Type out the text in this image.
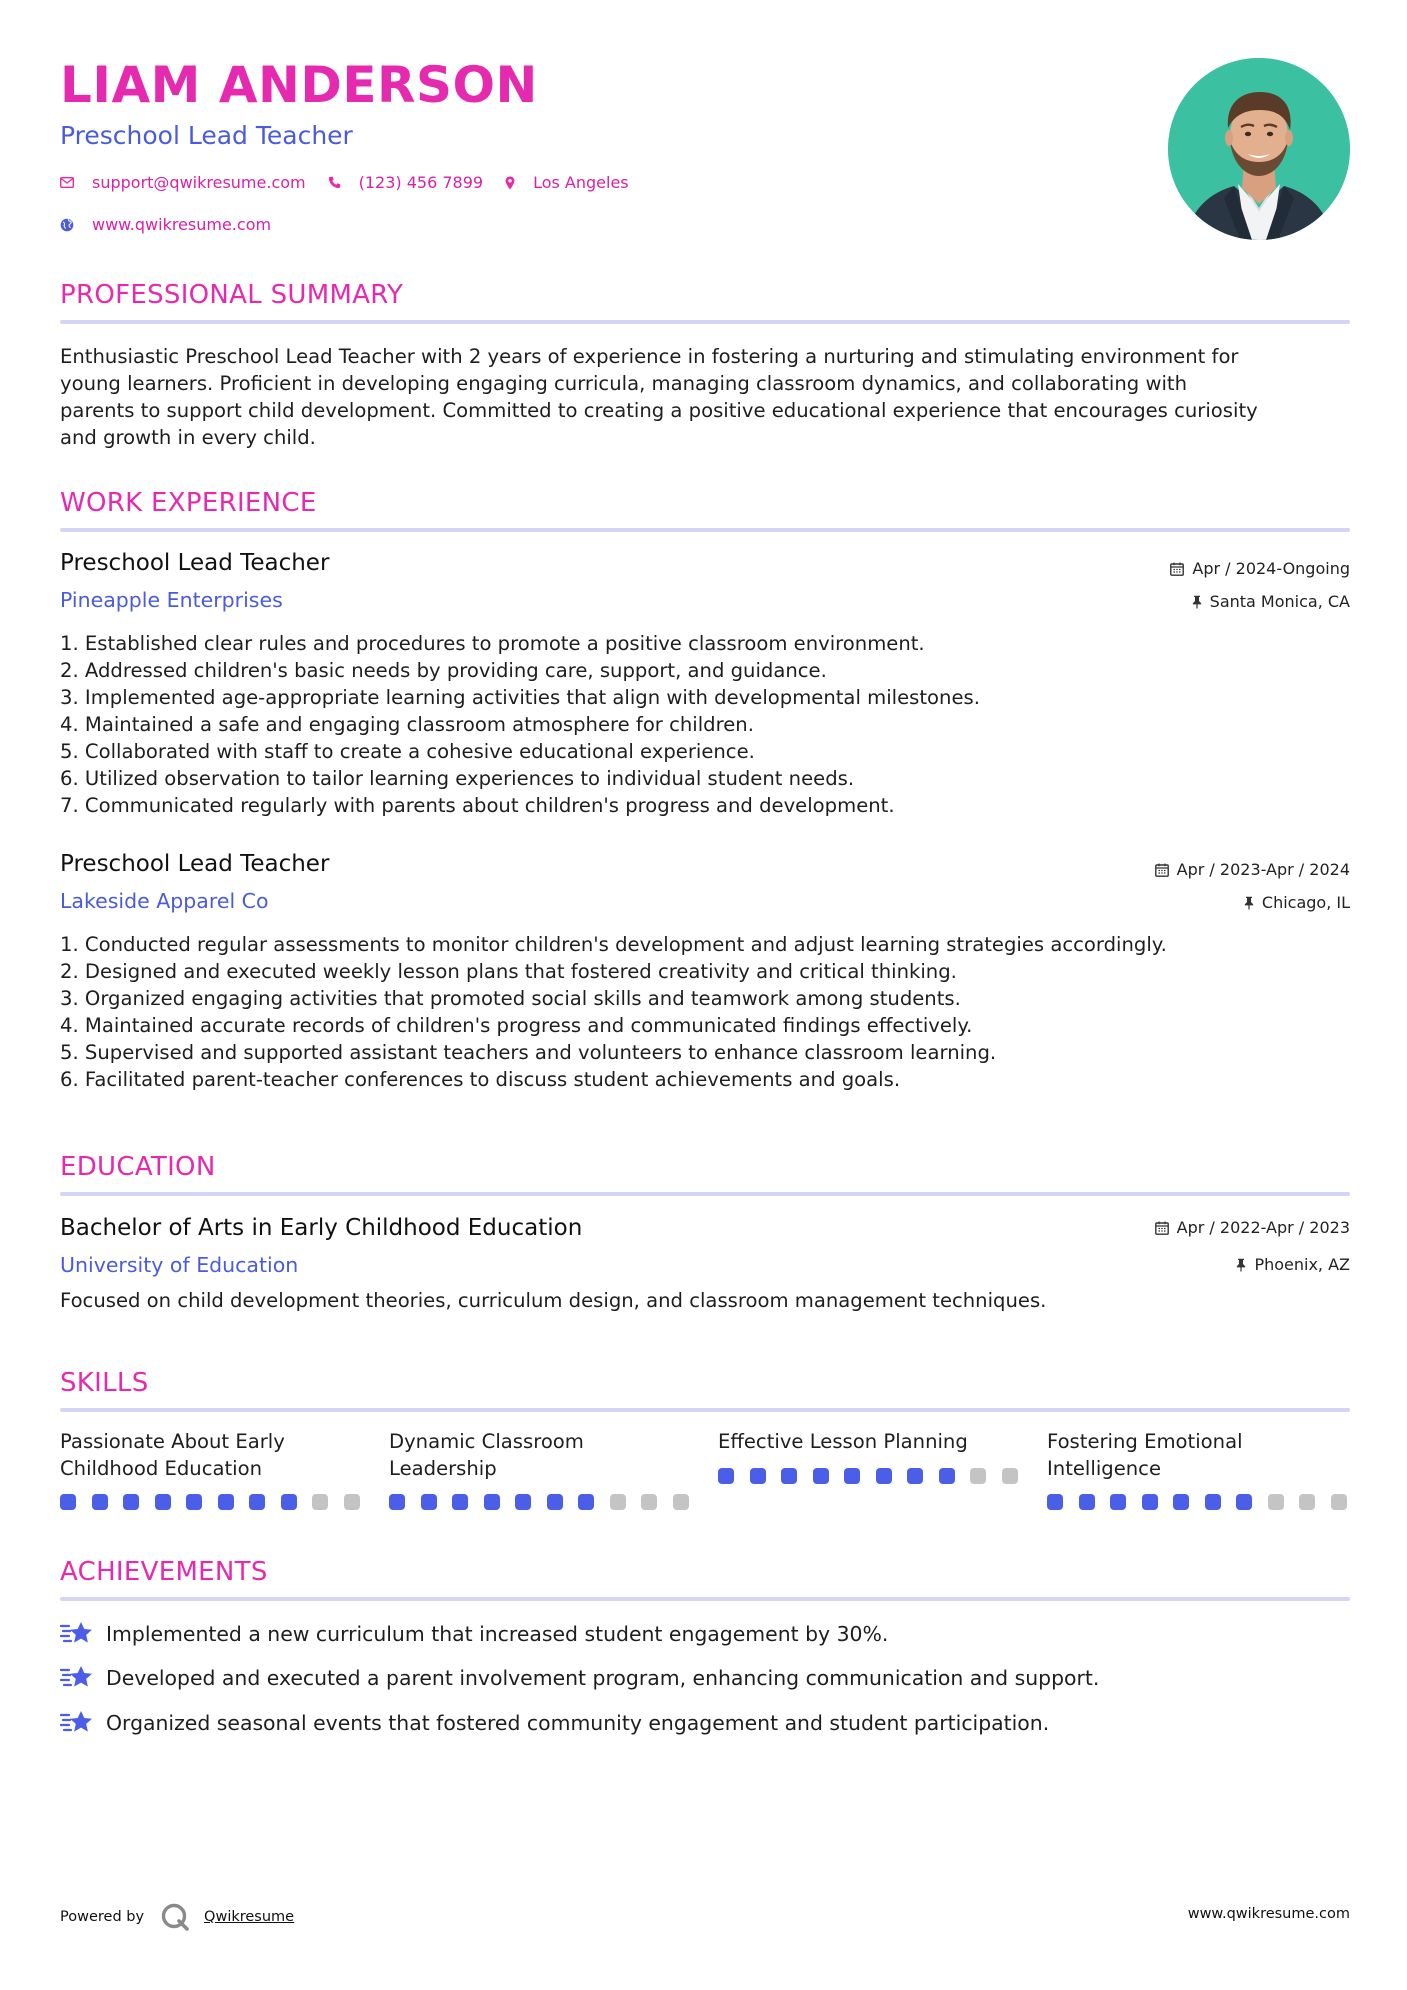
LIAM ANDERSON
Preschool Lead Teacher
support@qwikresume.com	(123) 456 7899	Los Angeles
www.qwikresume.com
PROFESSIONAL SUMMARY
Enthusiastic Preschool Lead Teacher with 2 years of experience in fostering a nurturing and stimulating environment for
young learners. Proficient in developing engaging curricula, managing classroom dynamics, and collaborating with
parents to support child development. Committed to creating a positive educational experience that encourages curiosity
and growth in every child.
WORK EXPERIENCE
Preschool Lead Teacher
Pineapple Enterprises
Apr / 2024-Ongoing
Santa Monica, CA
1. Established clear rules and procedures to promote a positive classroom environment.
2. Addressed children's basic needs by providing care, support, and guidance.
3. Implemented age-appropriate learning activities that align with developmental milestones.
4. Maintained a safe and engaging classroom atmosphere for children.
5. Collaborated with staff to create a cohesive educational experience.
6. Utilized observation to tailor learning experiences to individual student needs.
7. Communicated regularly with parents about children's progress and development.
Preschool Lead Teacher
Lakeside Apparel Co
Apr / 2023-Apr / 2024
Chicago, IL
1. Conducted regular assessments to monitor children's development and adjust learning strategies accordingly.
2. Designed and executed weekly lesson plans that fostered creativity and critical thinking.
3. Organized engaging activities that promoted social skills and teamwork among students.
4. Maintained accurate records of children's progress and communicated findings effectively.
5. Supervised and supported assistant teachers and volunteers to enhance classroom learning.
6. Facilitated parent-teacher conferences to discuss student achievements and goals.
EDUCATION
Bachelor of Arts in Early Childhood Education
University of Education
Apr / 2022-Apr / 2023
Phoenix, AZ
Focused on child development theories, curriculum design, and classroom management techniques.
SKILLS
Passionate About Early
Childhood Education
Dynamic Classroom
Leadership
Effective Lesson Planning	Fostering Emotional
Intelligence
ACHIEVEMENTS
Implemented a new curriculum that increased student engagement by 30%.
Developed and executed a parent involvement program, enhancing communication and support.
Organized seasonal events that fostered community engagement and student participation.
Powered by	Qwikresume	www.qwikresume.com
